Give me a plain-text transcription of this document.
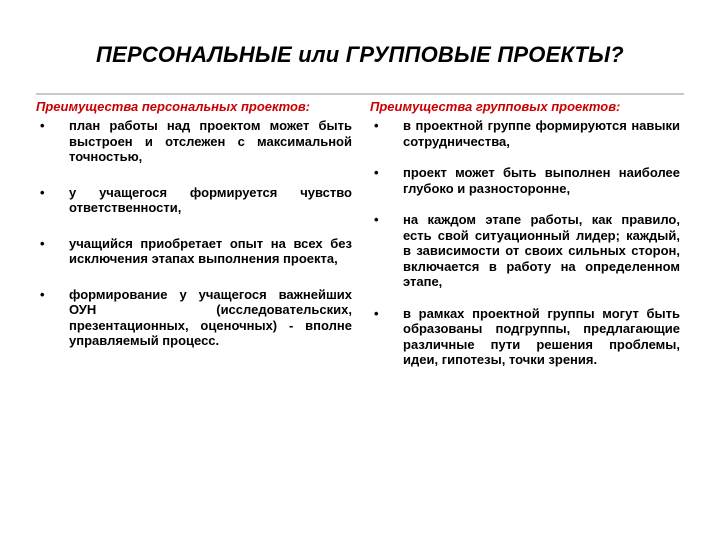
ПЕРСОНАЛЬНЫЕ или ГРУППОВЫЕ ПРОЕКТЫ?
Преимущества персональных проектов:
• план работы над проектом может быть выстроен и отслежен с максимальной точностью,
• у учащегося формируется чувство ответственности,
• учащийся приобретает опыт на всех без исключения этапах выполнения проекта,
• формирование у учащегося важнейших ОУН (исследовательских, презентационных, оценочных) - вполне управляемый процесс.
Преимущества групповых проектов:
• в проектной группе формируются навыки сотрудничества,
• проект может быть выполнен наиболее глубоко и разносторонне,
• на каждом этапе работы, как правило, есть свой ситуационный лидер; каждый, в зависимости от своих сильных сторон, включается в работу на определенном этапе,
• в рамках проектной группы могут быть образованы подгруппы, предлагающие различные пути решения проблемы, идеи, гипотезы, точки зрения.
